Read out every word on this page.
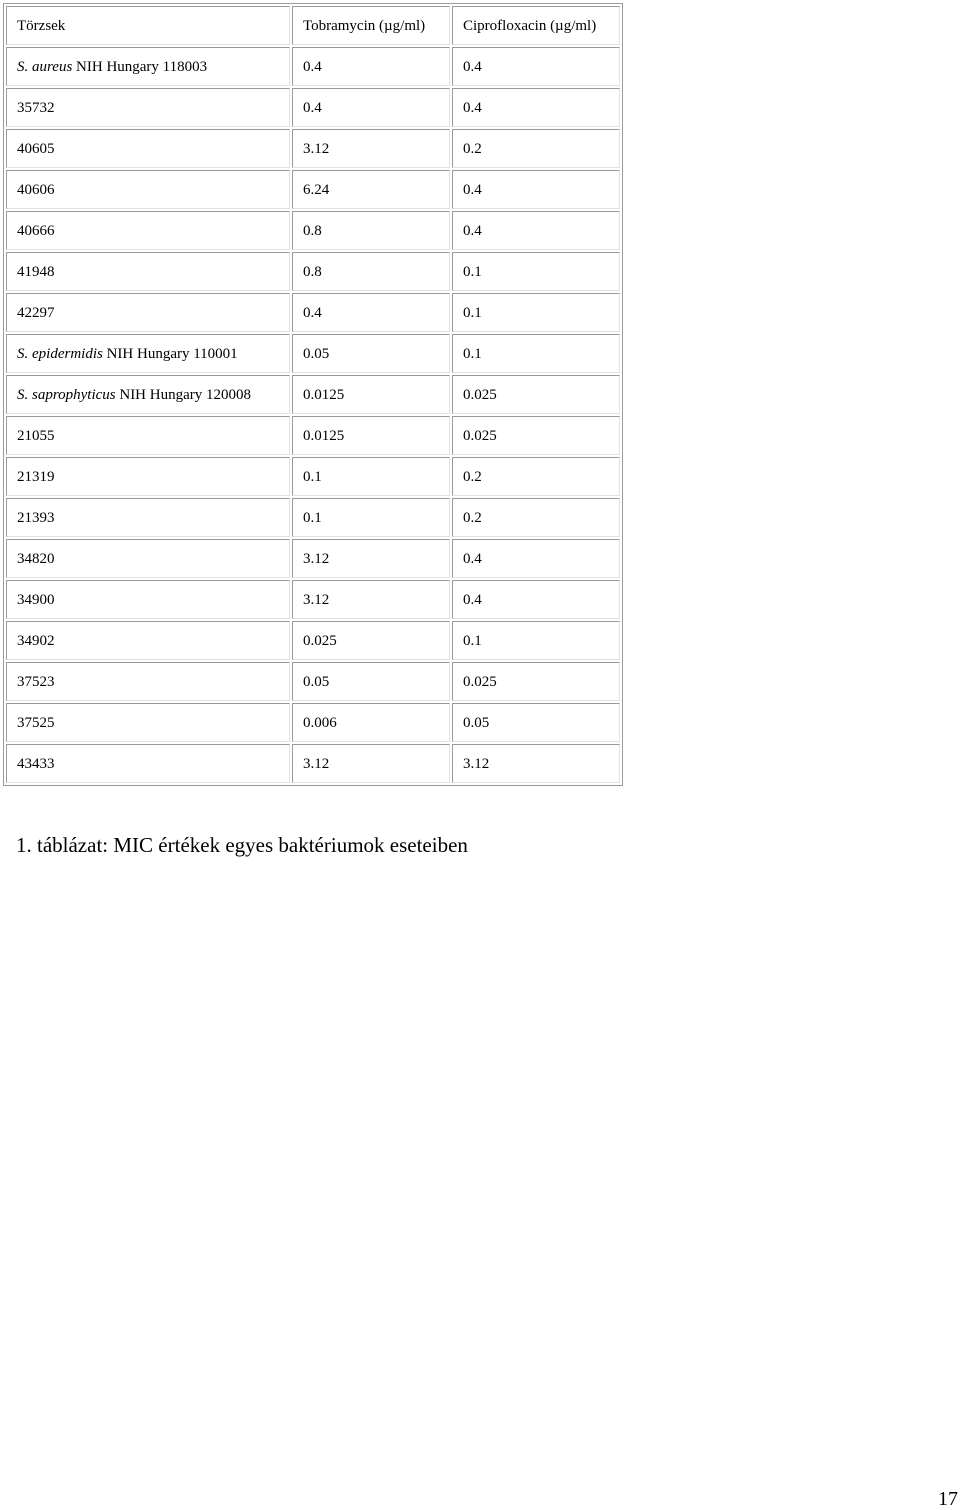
Törzsek	Tobramycin (µg/ml)	Ciprofloxacin (µg/ml)
S. aureus NIH Hungary 118003	0.4	0.4
35732	0.4	0.4
40605	3.12	0.2
40606	6.24	0.4
40666	0.8	0.4
41948	0.8	0.1
42297	0.4	0.1
S. epidermidis NIH Hungary 110001	0.05	0.1
S. saprophyticus NIH Hungary 120008	0.0125	0.025
21055	0.0125	0.025
21319	0.1	0.2
21393	0.1	0.2
34820	3.12	0.4
34900	3.12	0.4
34902	0.025	0.1
37523	0.05	0.025
37525	0.006	0.05
43433	3.12	3.12
1. táblázat: MIC értékek egyes baktériumok eseteiben
17
